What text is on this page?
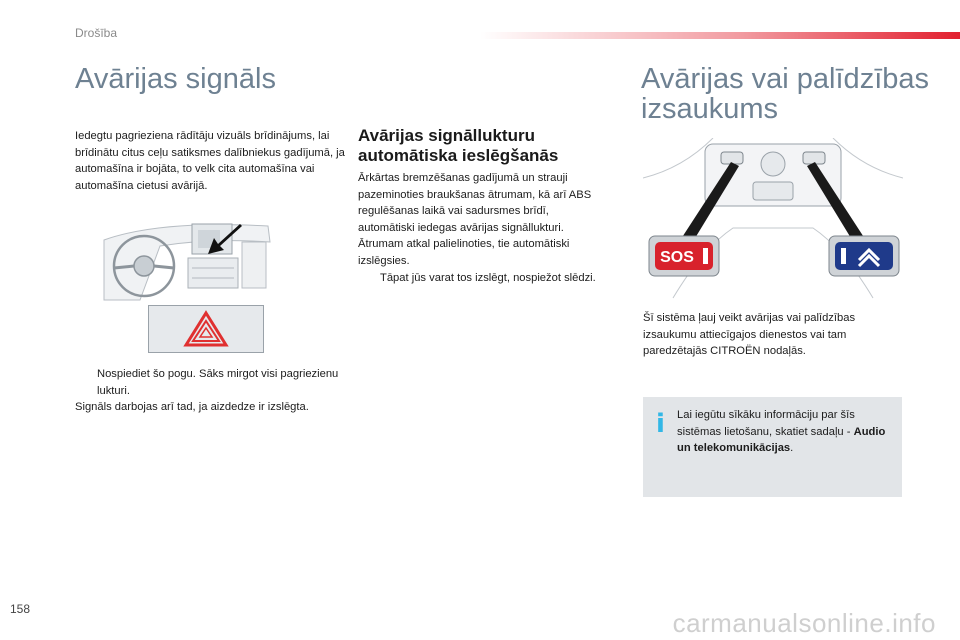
Drošība
Avārijas signāls
Iedegtu pagrieziena rādītāju vizuāls brīdinājums, lai brīdinātu citus ceļu satiksmes dalībniekus gadījumā, ja automašīna ir bojāta, to velk cita automašīna vai automašīna cietusi avārijā.
Nospiediet šo pogu. Sāks mirgot visi pagriezienu lukturi.
Signāls darbojas arī tad, ja aizdedze ir izslēgta.
Avārijas signāllukturu
automātiska ieslēgšanās
Ārkārtas bremzēšanas gadījumā un strauji pazeminoties braukšanas ātrumam, kā arī ABS regulēšanas laikā vai sadursmes brīdī, automātiski iedegas avārijas signāllukturi. Ātrumam atkal palielinoties, tie automātiski izslēgsies.
Tāpat jūs varat tos izslēgt, nospiežot slēdzi.
Avārijas vai palīdzības
izsaukums
SOS
Šī sistēma ļauj veikt avārijas vai palīdzības izsaukumu attiecīgajos dienestos vai tam paredzētajās CITROËN nodaļās.
i Lai iegūtu sīkāku informāciju par šīs sistēmas lietošanu, skatiet sadaļu - Audio un telekomunikācijas.
158	carmanualsonline.info
